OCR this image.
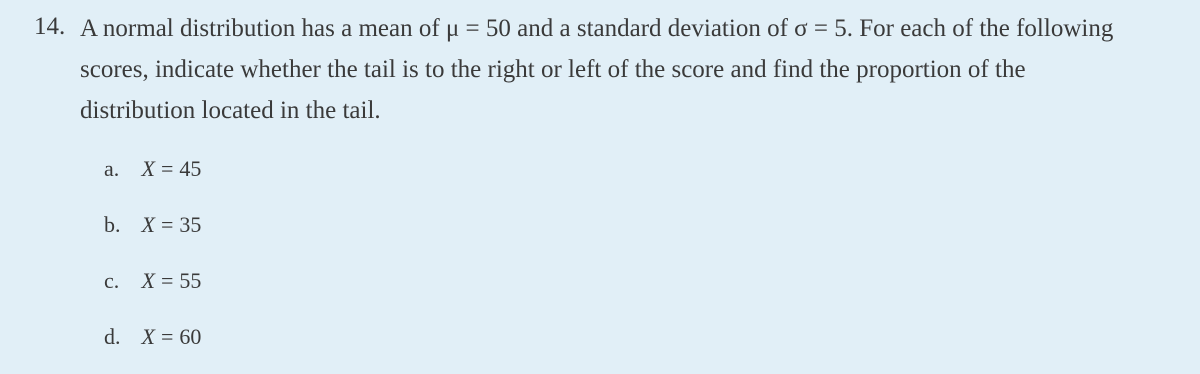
14. A normal distribution has a mean of μ = 50 and a standard deviation of σ = 5. For each of the following
scores, indicate whether the tail is to the right or left of the score and find the proportion of the
distribution located in the tail.
a. X = 45
b. X = 35
c. X = 55
d. X = 60
